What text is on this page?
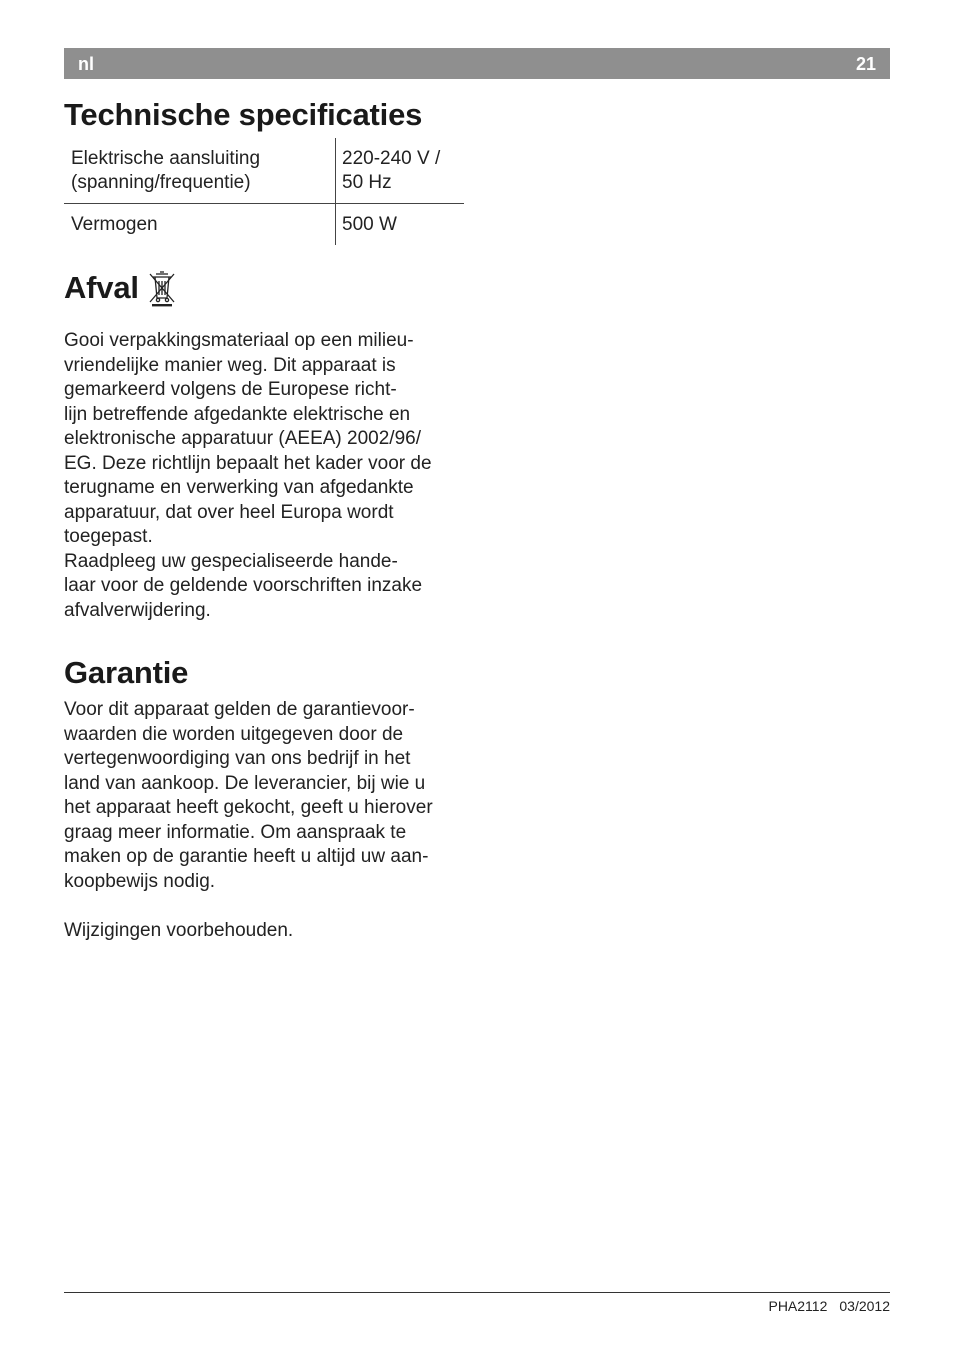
nl	21
Technische specificaties
Elektrische aansluiting
(spanning/frequentie)	220-240 V /
50 Hz

Vermogen	500 W
Afval
Gooi verpakkingsmateriaal op een milieu-
vriendelijke manier weg. Dit apparaat is
gemarkeerd volgens de Europese richt-
lijn betreffende afgedankte elektrische en
elektronische apparatuur (AEEA) 2002/96/
EG. Deze richtlijn bepaalt het kader voor de
terugname en verwerking van afgedankte
apparatuur, dat over heel Europa wordt
toegepast.
Raadpleeg uw gespecialiseerde hande-
laar voor de geldende voorschriften inzake
afvalverwijdering.
Garantie
Voor dit apparaat gelden de garantievoor-
waarden die worden uitgegeven door de
vertegenwoordiging van ons bedrijf in het
land van aankoop. De leverancier, bij wie u
het apparaat heeft gekocht, geeft u hierover
graag meer informatie. Om aanspraak te
maken op de garantie heeft u altijd uw aan-
koopbewijs nodig.
Wijzigingen voorbehouden.
PHA2112 03/2012
